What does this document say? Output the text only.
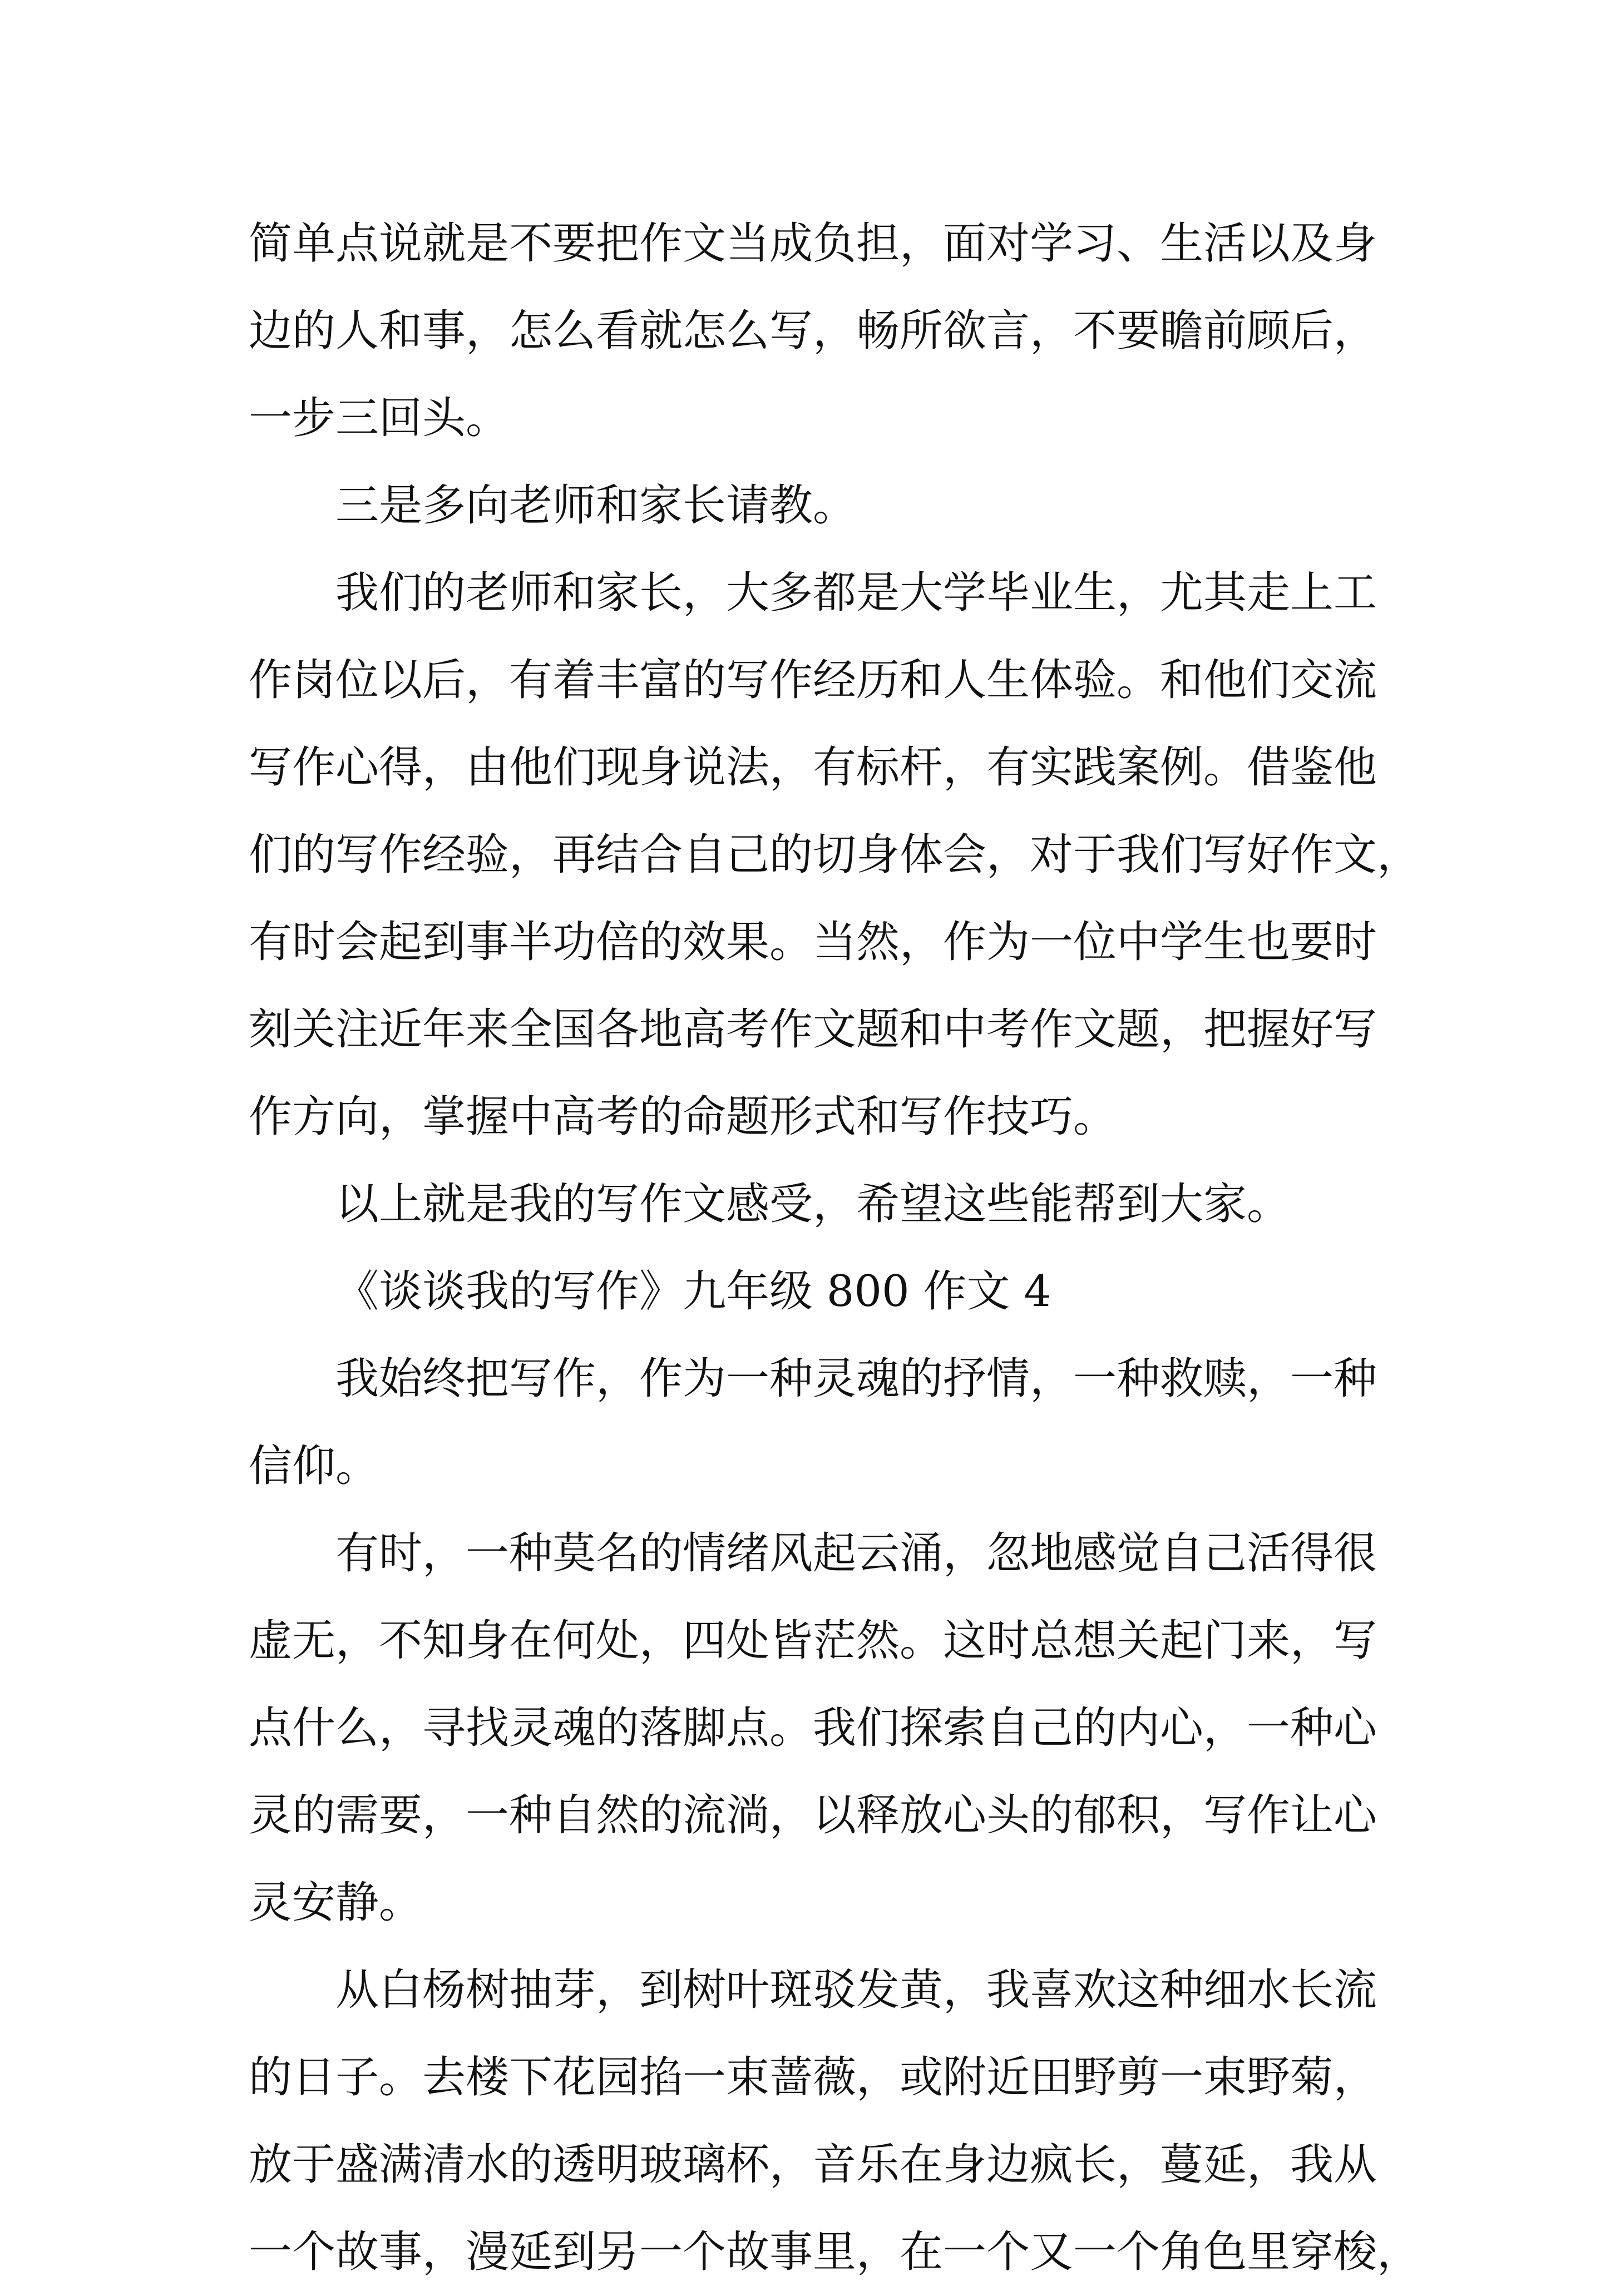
简单点说就是不要把作文当成负担，面对学习、生活以及身
边的人和事，怎么看就怎么写，畅所欲言，不要瞻前顾后，
一步三回头。
三是多向老师和家长请教。
我们的老师和家长，大多都是大学毕业生，尤其走上工
作岗位以后，有着丰富的写作经历和人生体验。和他们交流
写作心得，由他们现身说法，有标杆，有实践案例。借鉴他
们的写作经验，再结合自己的切身体会，对于我们写好作文，
有时会起到事半功倍的效果。当然，作为一位中学生也要时
刻关注近年来全国各地高考作文题和中考作文题，把握好写
作方向，掌握中高考的命题形式和写作技巧。
以上就是我的写作文感受，希望这些能帮到大家。
《谈谈我的写作》九年级 800 作文 4
我始终把写作，作为一种灵魂的抒情，一种救赎，一种
信仰。
有时，一种莫名的情绪风起云涌，忽地感觉自己活得很
虚无，不知身在何处，四处皆茫然。这时总想关起门来，写
点什么，寻找灵魂的落脚点。我们探索自己的内心，一种心
灵的需要，一种自然的流淌，以释放心头的郁积，写作让心
灵安静。
从白杨树抽芽，到树叶斑驳发黄，我喜欢这种细水长流
的日子。去楼下花园掐一束蔷薇，或附近田野剪一束野菊，
放于盛满清水的透明玻璃杯，音乐在身边疯长，蔓延，我从
一个故事，漫延到另一个故事里，在一个又一个角色里穿梭，
